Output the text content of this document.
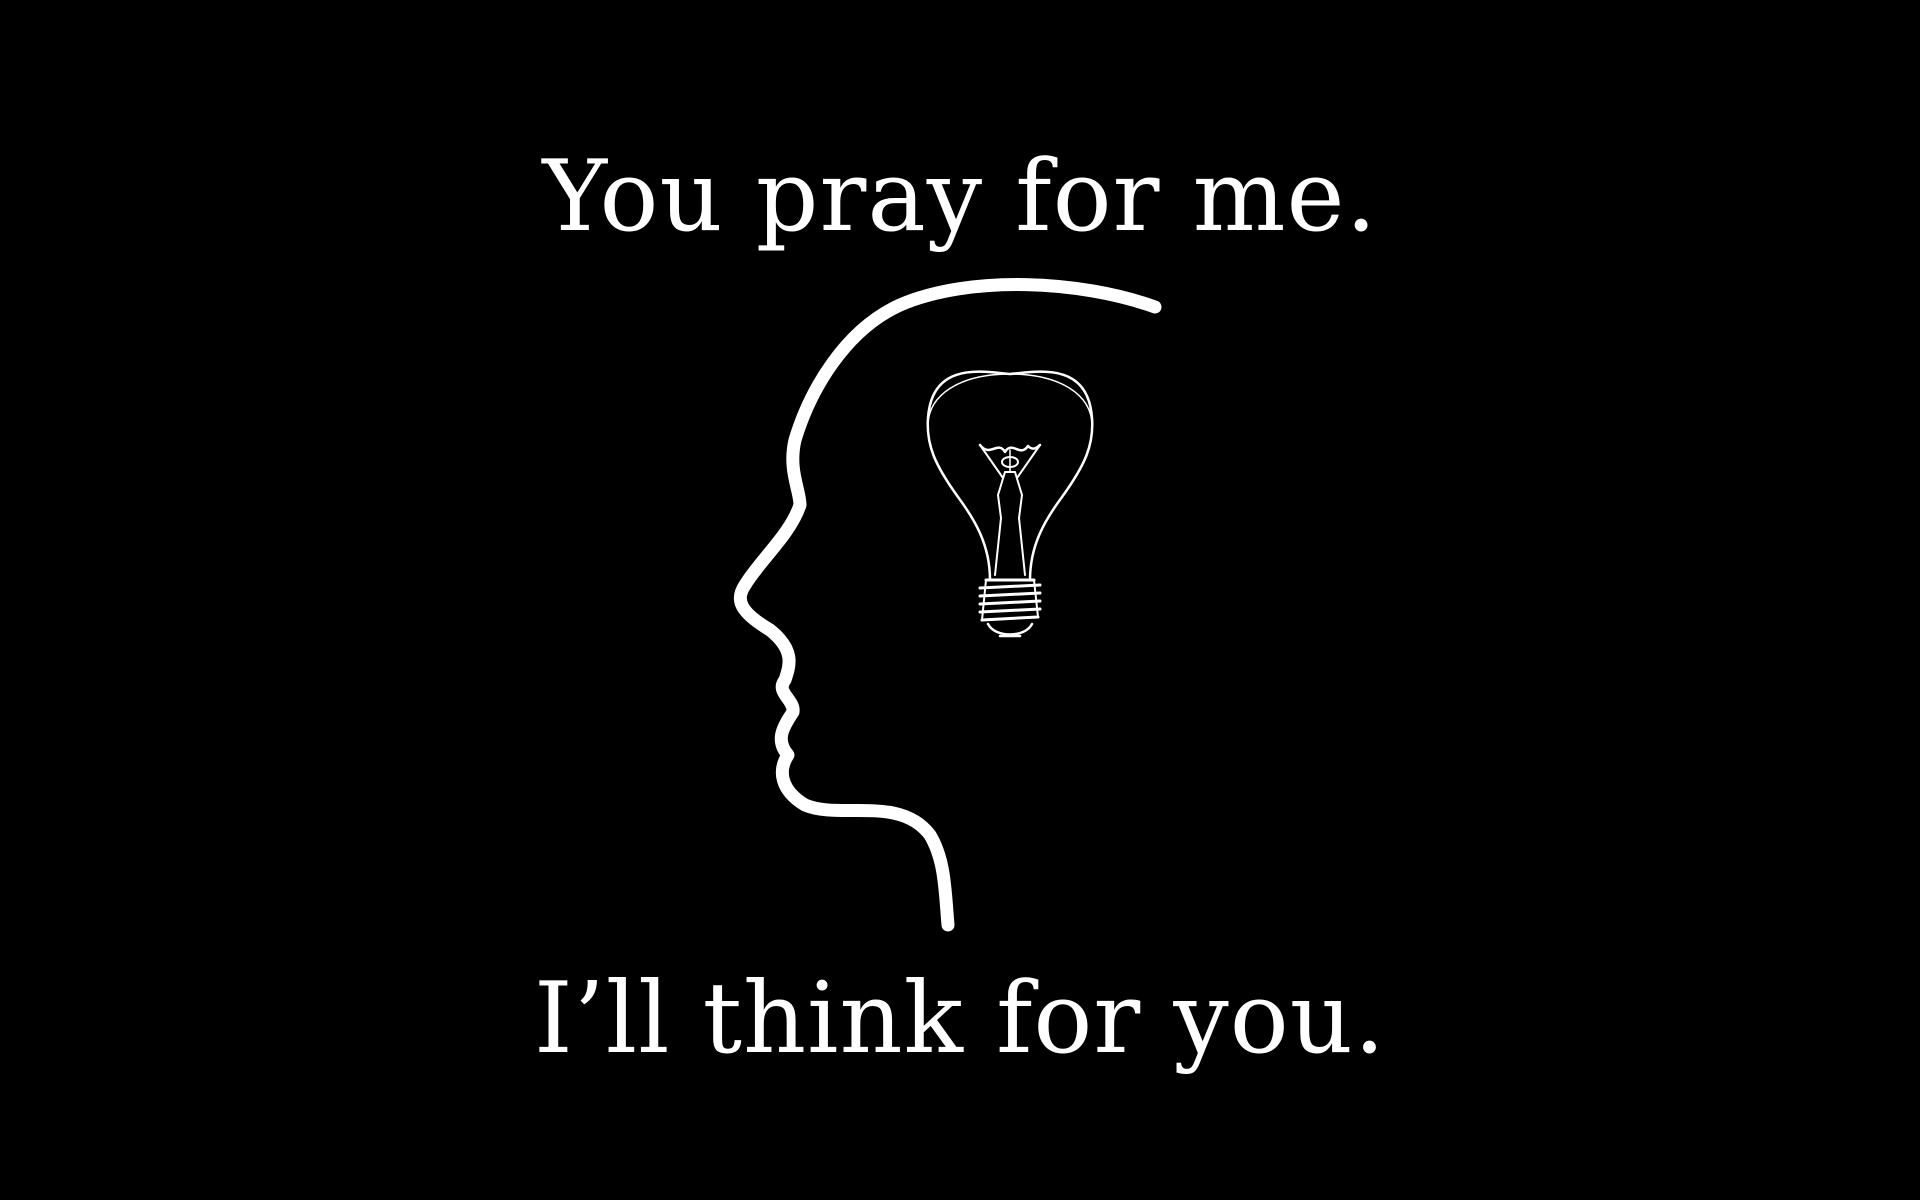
You pray for me.
I’ll think for you.
